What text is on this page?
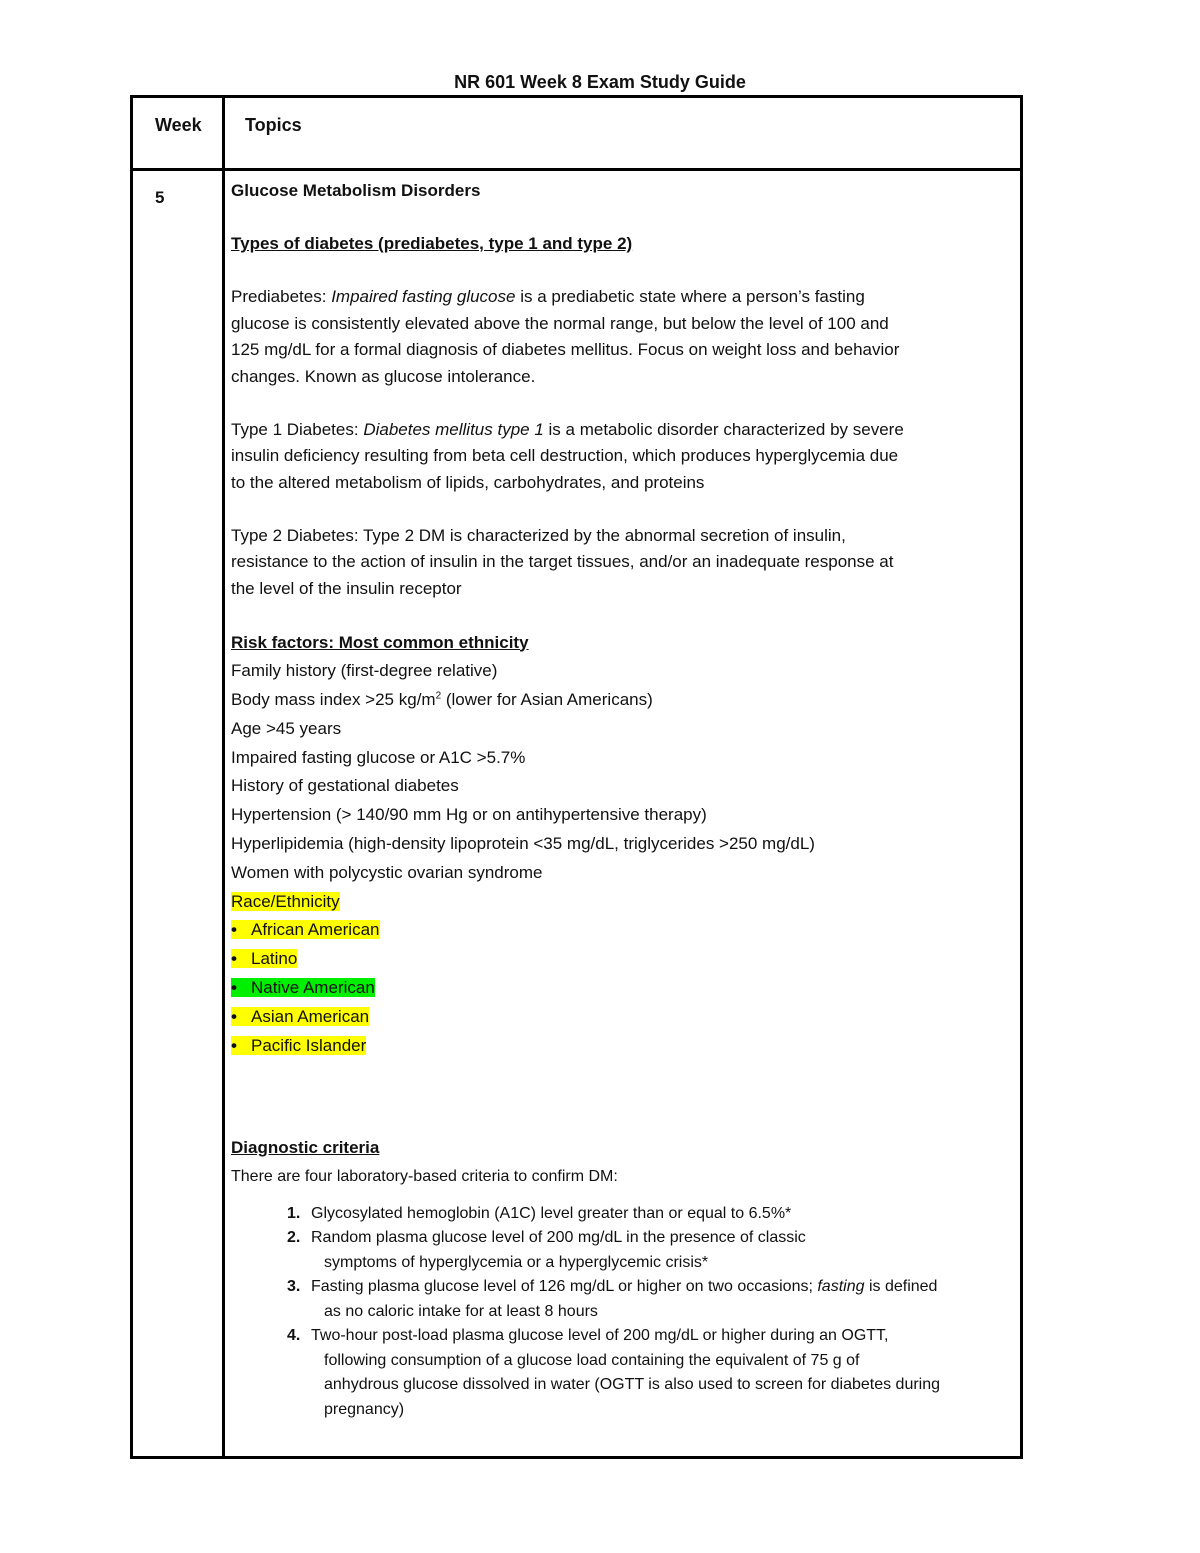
NR 601 Week 8 Exam Study Guide
Week Topics
5	Glucose Metabolism Disorders

Types of diabetes (prediabetes, type 1 and type 2)

Prediabetes: Impaired fasting glucose is a prediabetic state where a person’s fasting

glucose is consistently elevated above the normal range, but below the level of 100 and

125 mg/dL for a formal diagnosis of diabetes mellitus. Focus on weight loss and behavior

changes. Known as glucose intolerance.

Type 1 Diabetes: Diabetes mellitus type 1 is a metabolic disorder characterized by severe

insulin deficiency resulting from beta cell destruction, which produces hyperglycemia due

to the altered metabolism of lipids, carbohydrates, and proteins

Type 2 Diabetes: Type 2 DM is characterized by the abnormal secretion of insulin,

resistance to the action of insulin in the target tissues, and/or an inadequate response at

the level of the insulin receptor

Risk factors: Most common ethnicity

Family history (first-degree relative)

Body mass index >25 $kg/m^2$ (lower for Asian Americans)

Age >45 years

Impaired fasting glucose or A1C >5.7%

History of gestational diabetes

Hypertension (> 140/90 mm Hg or on antihypertensive therapy)

Hyperlipidemia (high-density lipoprotein <35 mg/dL, triglycerides >250 mg/dL)

Women with polycystic ovarian syndrome

Race/Ethnicity

• African American

• Latino

• Native American

• Asian American

• Pacific Islander

Diagnostic criteria

There are four laboratory-based criteria to confirm DM:

1. Glycosylated hemoglobin (A1C) level greater than or equal to 6.5%*
2. Random plasma glucose level of 200 mg/dL in the presence of classic
symptoms of hyperglycemia or a hyperglycemic crisis*
3. Fasting plasma glucose level of 126 mg/dL or higher on two occasions; fasting is defined
as no caloric intake for at least 8 hours
4. Two-hour post-load plasma glucose level of 200 mg/dL or higher during an OGTT,
following consumption of a glucose load containing the equivalent of 75 g of
anhydrous glucose dissolved in water (OGTT is also used to screen for diabetes during
pregnancy)
